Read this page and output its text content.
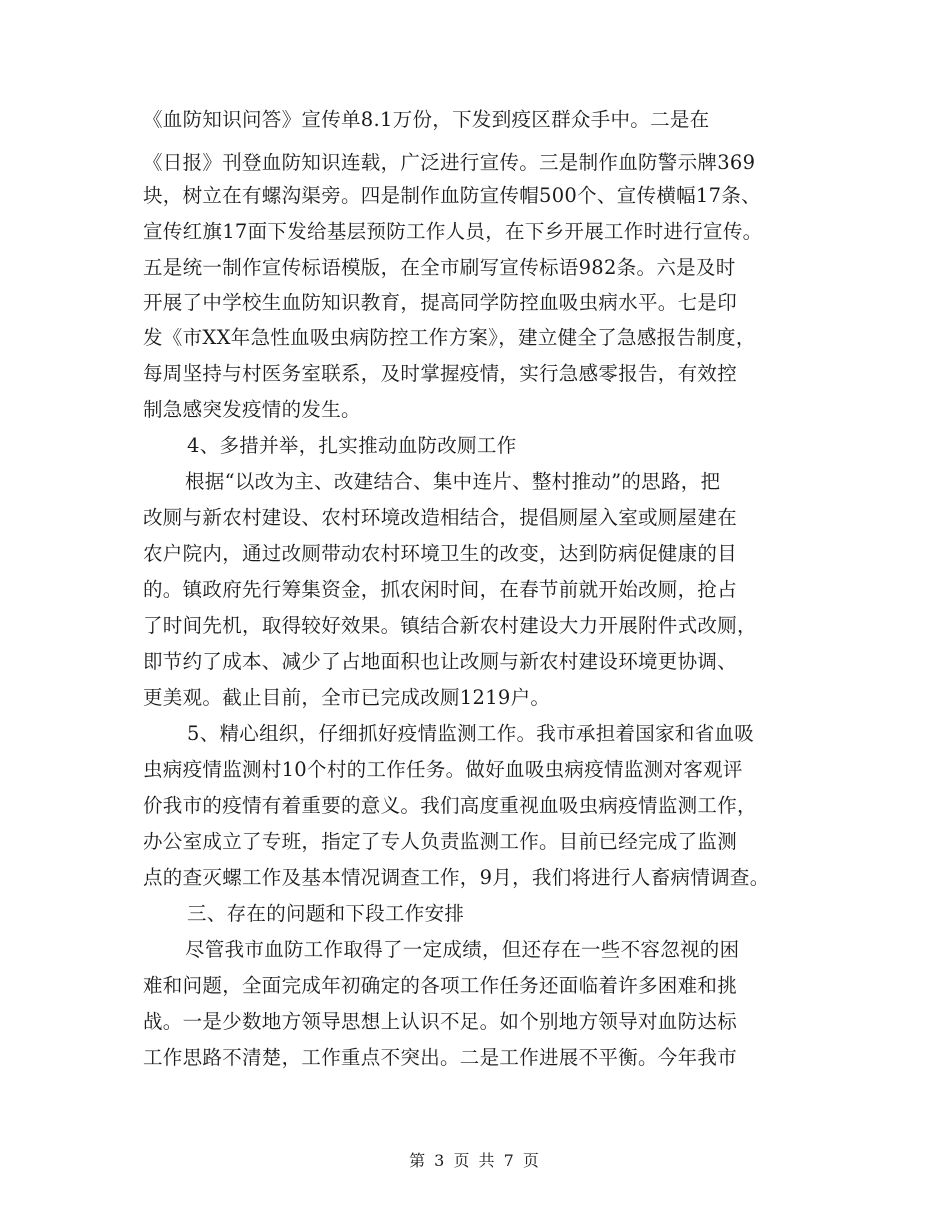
《血防知识问答》宣传单8.1万份，下发到疫区群众手中。二是在
《日报》刊登血防知识连载，广泛进行宣传。三是制作血防警示牌369
块，树立在有螺沟渠旁。四是制作血防宣传帽500个、宣传横幅17条、
宣传红旗17面下发给基层预防工作人员，在下乡开展工作时进行宣传。
五是统一制作宣传标语模版，在全市刷写宣传标语982条。六是及时
开展了中学校生血防知识教育，提高同学防控血吸虫病水平。七是印
发《市XX年急性血吸虫病防控工作方案》，建立健全了急感报告制度，
每周坚持与村医务室联系，及时掌握疫情，实行急感零报告，有效控
制急感突发疫情的发生。
4、多措并举，扎实推动血防改厕工作
根据“以改为主、改建结合、集中连片、整村推动”的思路，把
改厕与新农村建设、农村环境改造相结合，提倡厕屋入室或厕屋建在
农户院内，通过改厕带动农村环境卫生的改变，达到防病促健康的目
的。镇政府先行筹集资金，抓农闲时间，在春节前就开始改厕，抢占
了时间先机，取得较好效果。镇结合新农村建设大力开展附件式改厕，
即节约了成本、减少了占地面积也让改厕与新农村建设环境更协调、
更美观。截止目前，全市已完成改厕1219户。
5、精心组织，仔细抓好疫情监测工作。我市承担着国家和省血吸
虫病疫情监测村10个村的工作任务。做好血吸虫病疫情监测对客观评
价我市的疫情有着重要的意义。我们高度重视血吸虫病疫情监测工作，
办公室成立了专班，指定了专人负责监测工作。目前已经完成了监测
点的查灭螺工作及基本情况调查工作，9月，我们将进行人畜病情调查。
三、存在的问题和下段工作安排
尽管我市血防工作取得了一定成绩，但还存在一些不容忽视的困
难和问题，全面完成年初确定的各项工作任务还面临着许多困难和挑
战。一是少数地方领导思想上认识不足。如个别地方领导对血防达标
工作思路不清楚，工作重点不突出。二是工作进展不平衡。今年我市
第 3 页 共 7 页
